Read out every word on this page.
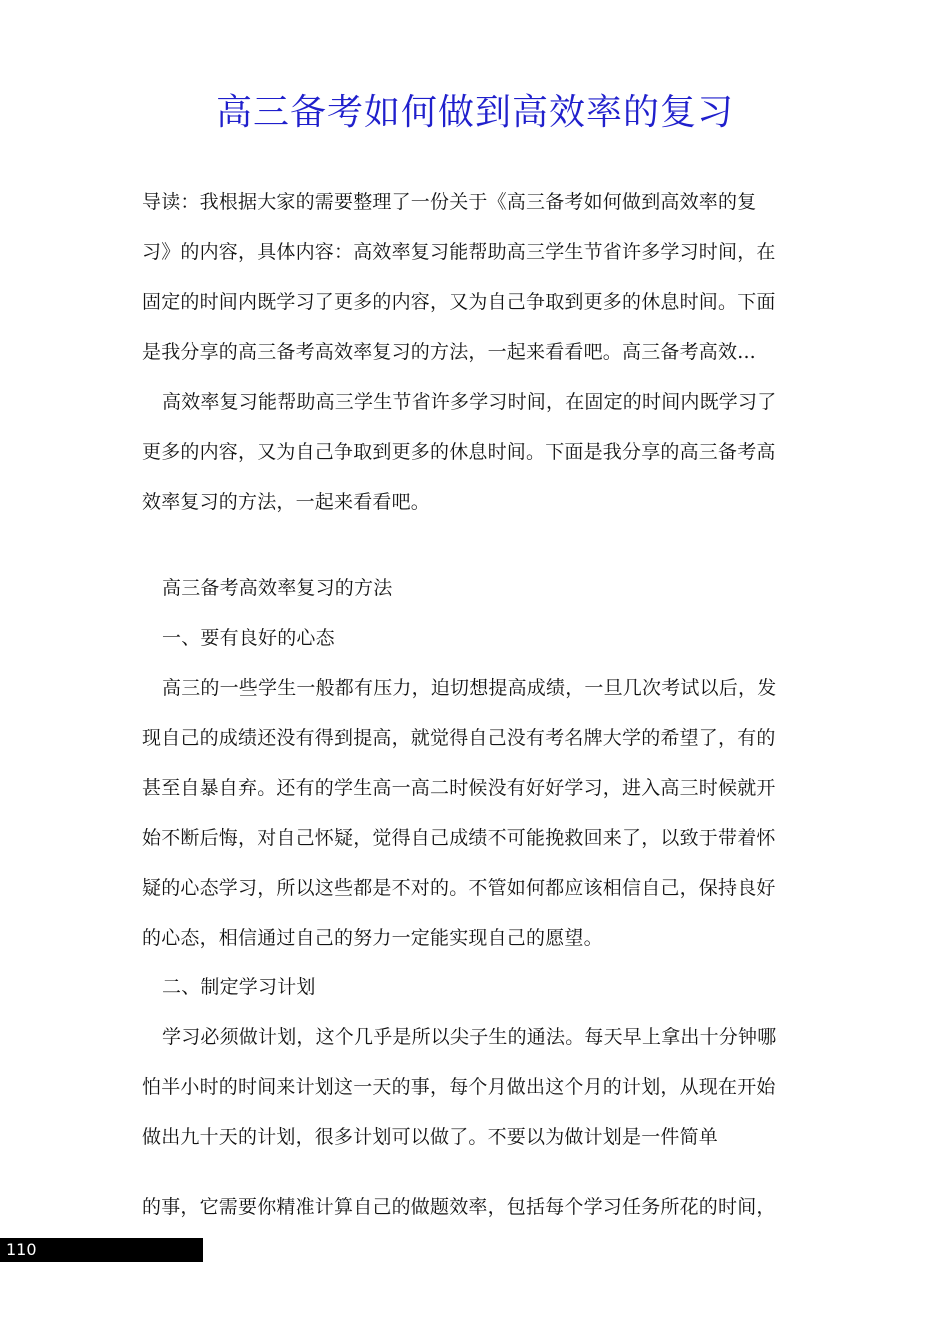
高三备考如何做到高效率的复习
导读：我根据大家的需要整理了一份关于《高三备考如何做到高效率的复
习》的内容，具体内容：高效率复习能帮助高三学生节省许多学习时间，在
固定的时间内既学习了更多的内容，又为自己争取到更多的休息时间。下面
是我分享的高三备考高效率复习的方法，一起来看看吧。高三备考高效...
高效率复习能帮助高三学生节省许多学习时间，在固定的时间内既学习了
更多的内容，又为自己争取到更多的休息时间。下面是我分享的高三备考高
效率复习的方法，一起来看看吧。
高三备考高效率复习的方法
一、要有良好的心态
高三的一些学生一般都有压力，迫切想提高成绩，一旦几次考试以后，发
现自己的成绩还没有得到提高，就觉得自己没有考名牌大学的希望了，有的
甚至自暴自弃。还有的学生高一高二时候没有好好学习，进入高三时候就开
始不断后悔，对自己怀疑，觉得自己成绩不可能挽救回来了，以致于带着怀
疑的心态学习，所以这些都是不对的。不管如何都应该相信自己，保持良好
的心态，相信通过自己的努力一定能实现自己的愿望。
二、制定学习计划
学习必须做计划，这个几乎是所以尖子生的通法。每天早上拿出十分钟哪
怕半小时的时间来计划这一天的事，每个月做出这个月的计划，从现在开始
做出九十天的计划，很多计划可以做了。不要以为做计划是一件简单
的事，它需要你精准计算自己的做题效率，包括每个学习任务所花的时间，
110
